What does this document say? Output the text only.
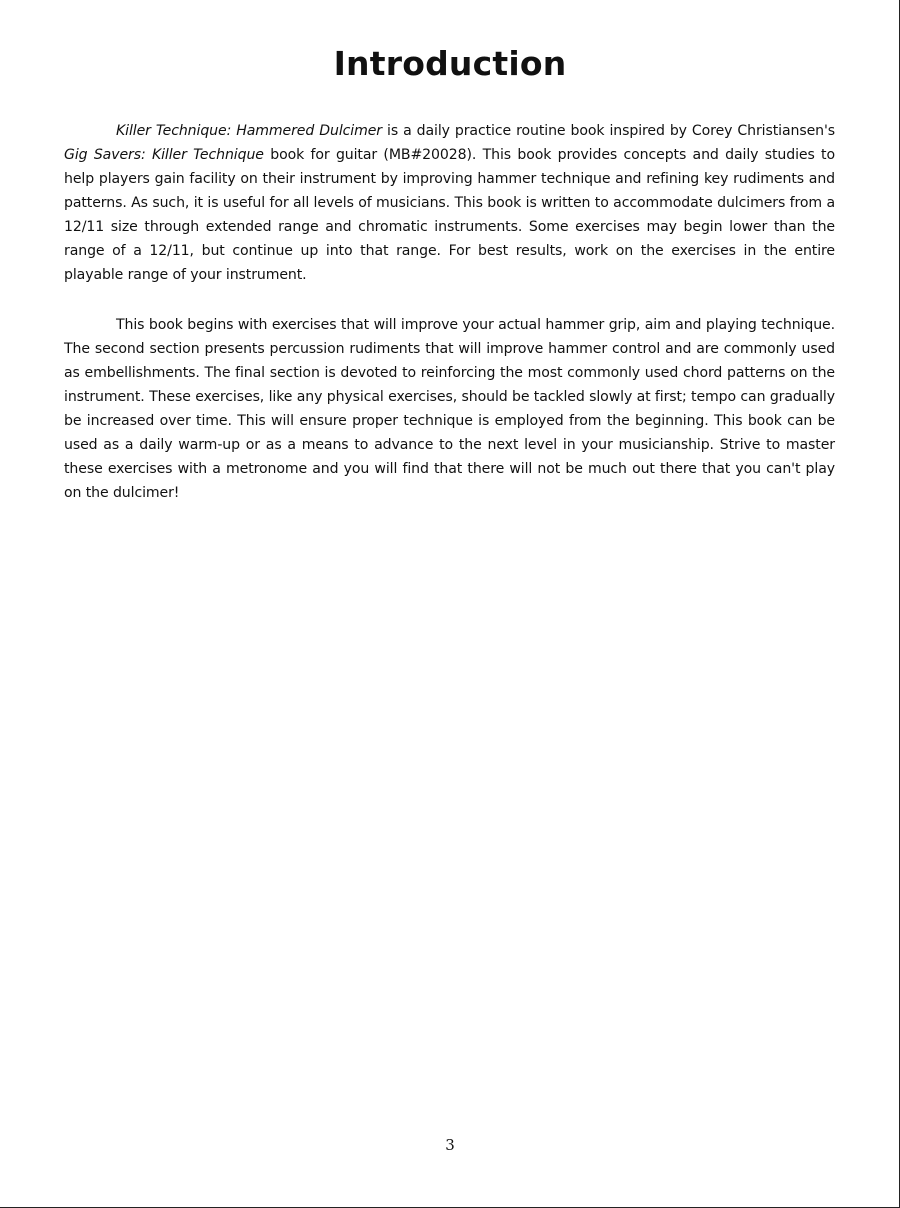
Introduction

Killer Technique: Hammered Dulcimer is a daily practice routine book inspired by Corey Christiansen's Gig Savers: Killer Technique book for guitar (MB#20028). This book provides concepts and daily studies to help players gain facility on their instrument by improving hammer technique and refining key rudiments and patterns. As such, it is useful for all levels of musicians. This book is written to accommodate dulcimers from a 12/11 size through extended range and chromatic instruments. Some exercises may begin lower than the range of a 12/11, but continue up into that range. For best results, work on the exercises in the entire playable range of your instrument.

This book begins with exercises that will improve your actual hammer grip, aim and playing technique. The second section presents percussion rudiments that will improve hammer control and are commonly used as embellishments. The final section is devoted to reinforcing the most commonly used chord patterns on the instrument. These exercises, like any physical exercises, should be tackled slowly at first; tempo can gradually be increased over time. This will ensure proper technique is employed from the beginning. This book can be used as a daily warm-up or as a means to advance to the next level in your musicianship. Strive to master these exercises with a metronome and you will find that there will not be much out there that you can't play on the dulcimer!

3
